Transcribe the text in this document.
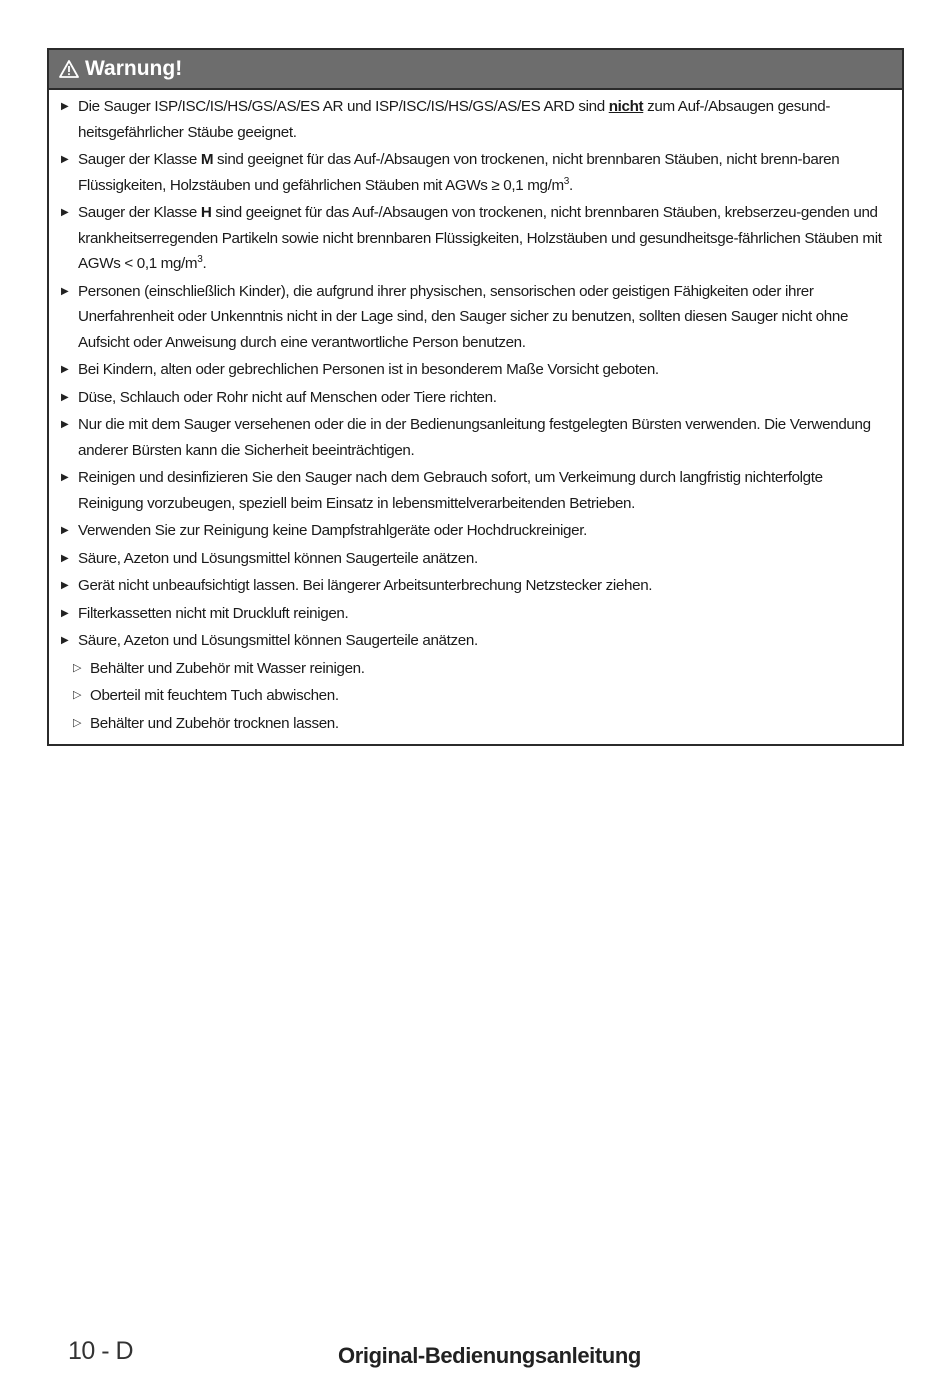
Warnung!
▶ Die Sauger ISP/ISC/IS/HS/GS/AS/ES AR und ISP/ISC/IS/HS/GS/AS/ES ARD sind nicht zum Auf-/Absaugen gesund-heitsgefährlicher Stäube geeignet.
▶ Sauger der Klasse M sind geeignet für das Auf-/Absaugen von trockenen, nicht brennbaren Stäuben, nicht brenn-baren Flüssigkeiten, Holzstäuben und gefährlichen Stäuben mit AGWs ≥ 0,1 $mg/m^3$.
▶ Sauger der Klasse H sind geeignet für das Auf-/Absaugen von trockenen, nicht brennbaren Stäuben, krebserzeu-genden und krankheitserregenden Partikeln sowie nicht brennbaren Flüssigkeiten, Holzstäuben und gesundheitsge-fährlichen Stäuben mit AGWs < 0,1 $mg/m^3$.
▶ Personen (einschließlich Kinder), die aufgrund ihrer physischen, sensorischen oder geistigen Fähigkeiten oder ihrer Unerfahrenheit oder Unkenntnis nicht in der Lage sind, den Sauger sicher zu benutzen, sollten diesen Sauger nicht ohne Aufsicht oder Anweisung durch eine verantwortliche Person benutzen.
▶ Bei Kindern, alten oder gebrechlichen Personen ist in besonderem Maße Vorsicht geboten.
▶ Düse, Schlauch oder Rohr nicht auf Menschen oder Tiere richten.
▶ Nur die mit dem Sauger versehenen oder die in der Bedienungsanleitung festgelegten Bürsten verwenden. Die Verwendung anderer Bürsten kann die Sicherheit beeinträchtigen.
▶ Reinigen und desinfizieren Sie den Sauger nach dem Gebrauch sofort, um Verkeimung durch langfristig nichterfolgte Reinigung vorzubeugen, speziell beim Einsatz in lebensmittelverarbeitenden Betrieben.
▶ Verwenden Sie zur Reinigung keine Dampfstrahlgeräte oder Hochdruckreiniger.
▶ Säure, Azeton und Lösungsmittel können Saugerteile anätzen.
▶ Gerät nicht unbeaufsichtigt lassen. Bei längerer Arbeitsunterbrechung Netzstecker ziehen.
▶ Filterkassetten nicht mit Druckluft reinigen.
▶ Säure, Azeton und Lösungsmittel können Saugerteile anätzen.
▷ Behälter und Zubehör mit Wasser reinigen.
▷ Oberteil mit feuchtem Tuch abwischen.
▷ Behälter und Zubehör trocknen lassen.
10 - D	Original-Bedienungsanleitung
